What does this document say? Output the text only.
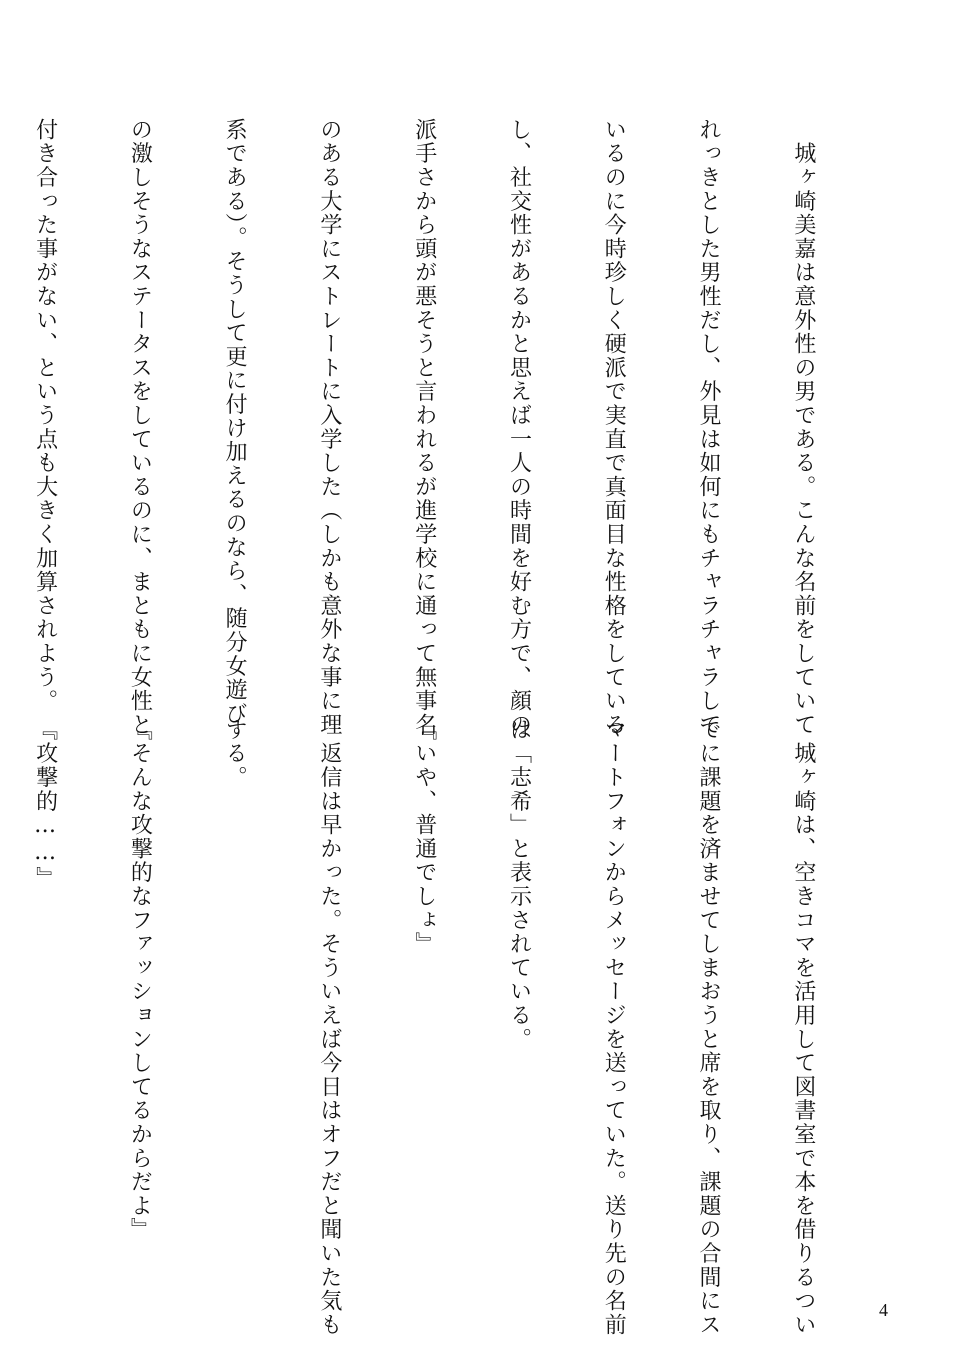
　城ヶ崎美嘉は意外性の男である。こんな名前をしていて

れっきとした男性だし、外見は如何にもチャラチャラして

いるのに今時珍しく硬派で実直で真面目な性格をしている

し、社交性があるかと思えば一人の時間を好む方で、顔の

派手さから頭が悪そうと言われるが進学校に通って無事名

のある大学にストレートに入学した（しかも意外な事に理

系である）。そうして更に付け加えるのなら、随分女遊び

の激しそうなステータスをしているのに、まともに女性と

付き合った事がない、という点も大きく加算されよう。

　城ヶ崎は、空きコマを活用して図書室で本を借りるつい

でに課題を済ませてしまおうと席を取り、課題の合間にス

マートフォンからメッセージを送っていた。送り先の名前

は「志希」と表示されている。

『いや、普通でしょ』

　返信は早かった。そういえば今日はオフだと聞いた気も

する。

『そんな攻撃的なファッションしてるからだよ』

『攻撃的……』

4
